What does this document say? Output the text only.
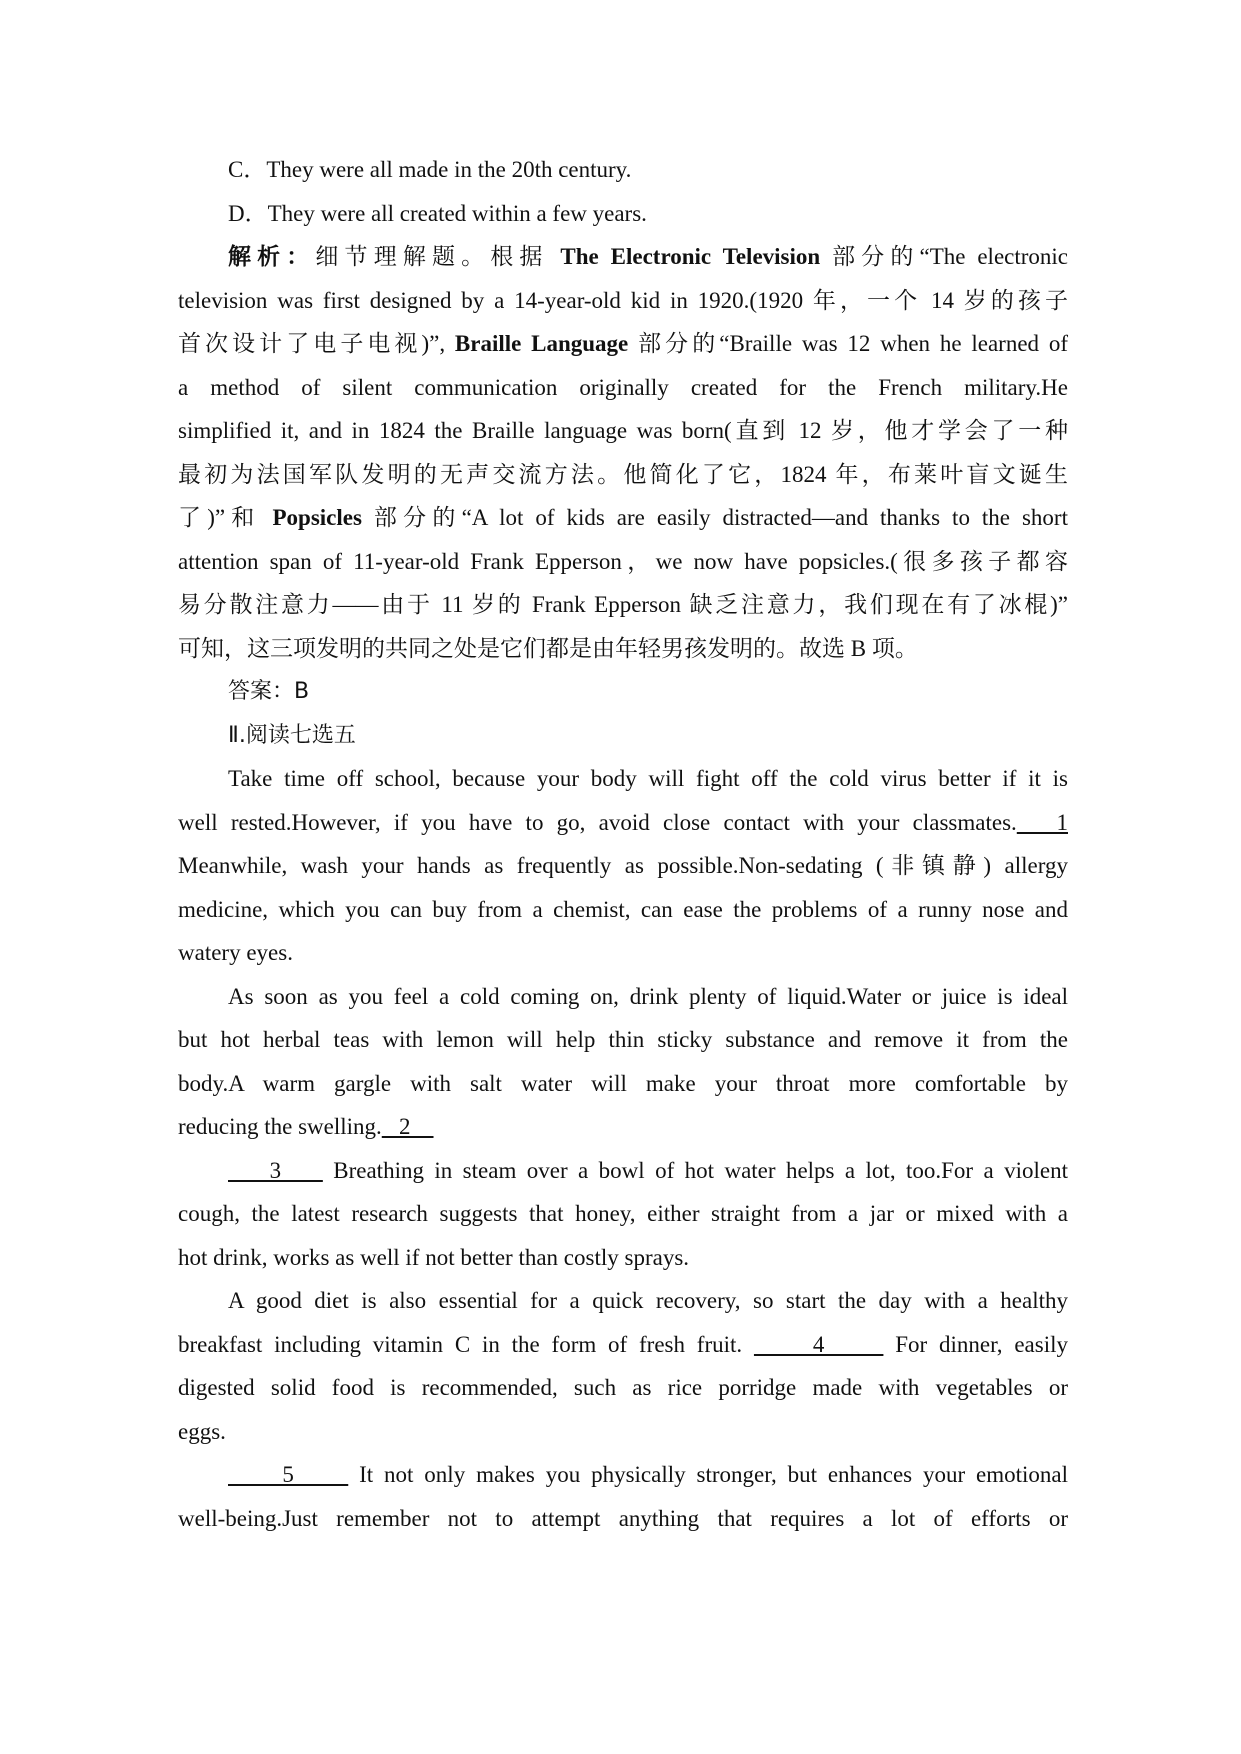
C．They were all made in the 20th century.

D．They were all created within a few years.

解析：细节理解题。根据 The Electronic Television 部分的“The electronic

television was first designed by a 14-year-old kid in 1920.(1920 年，一个 14 岁的孩子

首次设计了电子电视)”, Braille Language 部分的“Braille was 12 when he learned of

a method of silent communication originally created for the French military.He

simplified it, and in 1824 the Braille language was born(直到 12 岁，他才学会了一种

最初为法国军队发明的无声交流方法。他简化了它，1824 年，布莱叶盲文诞生

了)”和 Popsicles 部分的“A lot of kids are easily distracted—and thanks to the short

attention span of 11-year-old Frank Epperson，we now have popsicles.(很多孩子都容

易分散注意力——由于 11 岁的 Frank Epperson 缺乏注意力，我们现在有了冰棍)”

可知，这三项发明的共同之处是它们都是由年轻男孩发明的。故选 B 项。

答案：B

Ⅱ.阅读七选五

Take time off school, because your body will fight off the cold virus better if it is

well rested.However, if you have to go, avoid close contact with your classmates.   1

Meanwhile, wash your hands as frequently as possible.Non-sedating (非镇静) allergy

medicine, which you can buy from a chemist, can ease the problems of a runny nose and

watery eyes.

As soon as you feel a cold coming on, drink plenty of liquid.Water or juice is ideal

but hot herbal teas with lemon will help thin sticky substance and remove it from the

body.A warm gargle with salt water will make your throat more comfortable by

reducing the swelling.   2

3     Breathing in steam over a bowl of hot water helps a lot, too.For a violent

cough, the latest research suggests that honey, either straight from a jar or mixed with a

hot drink, works as well if not better than costly sprays.

A good diet is also essential for a quick recovery, so start the day with a healthy

breakfast including vitamin C in the form of fresh fruit.      4      For dinner, easily

digested solid food is recommended, such as rice porridge made with vegetables or

eggs.

5      It not only makes you physically stronger, but enhances your emotional

well-being.Just remember not to attempt anything that requires a lot of efforts or
